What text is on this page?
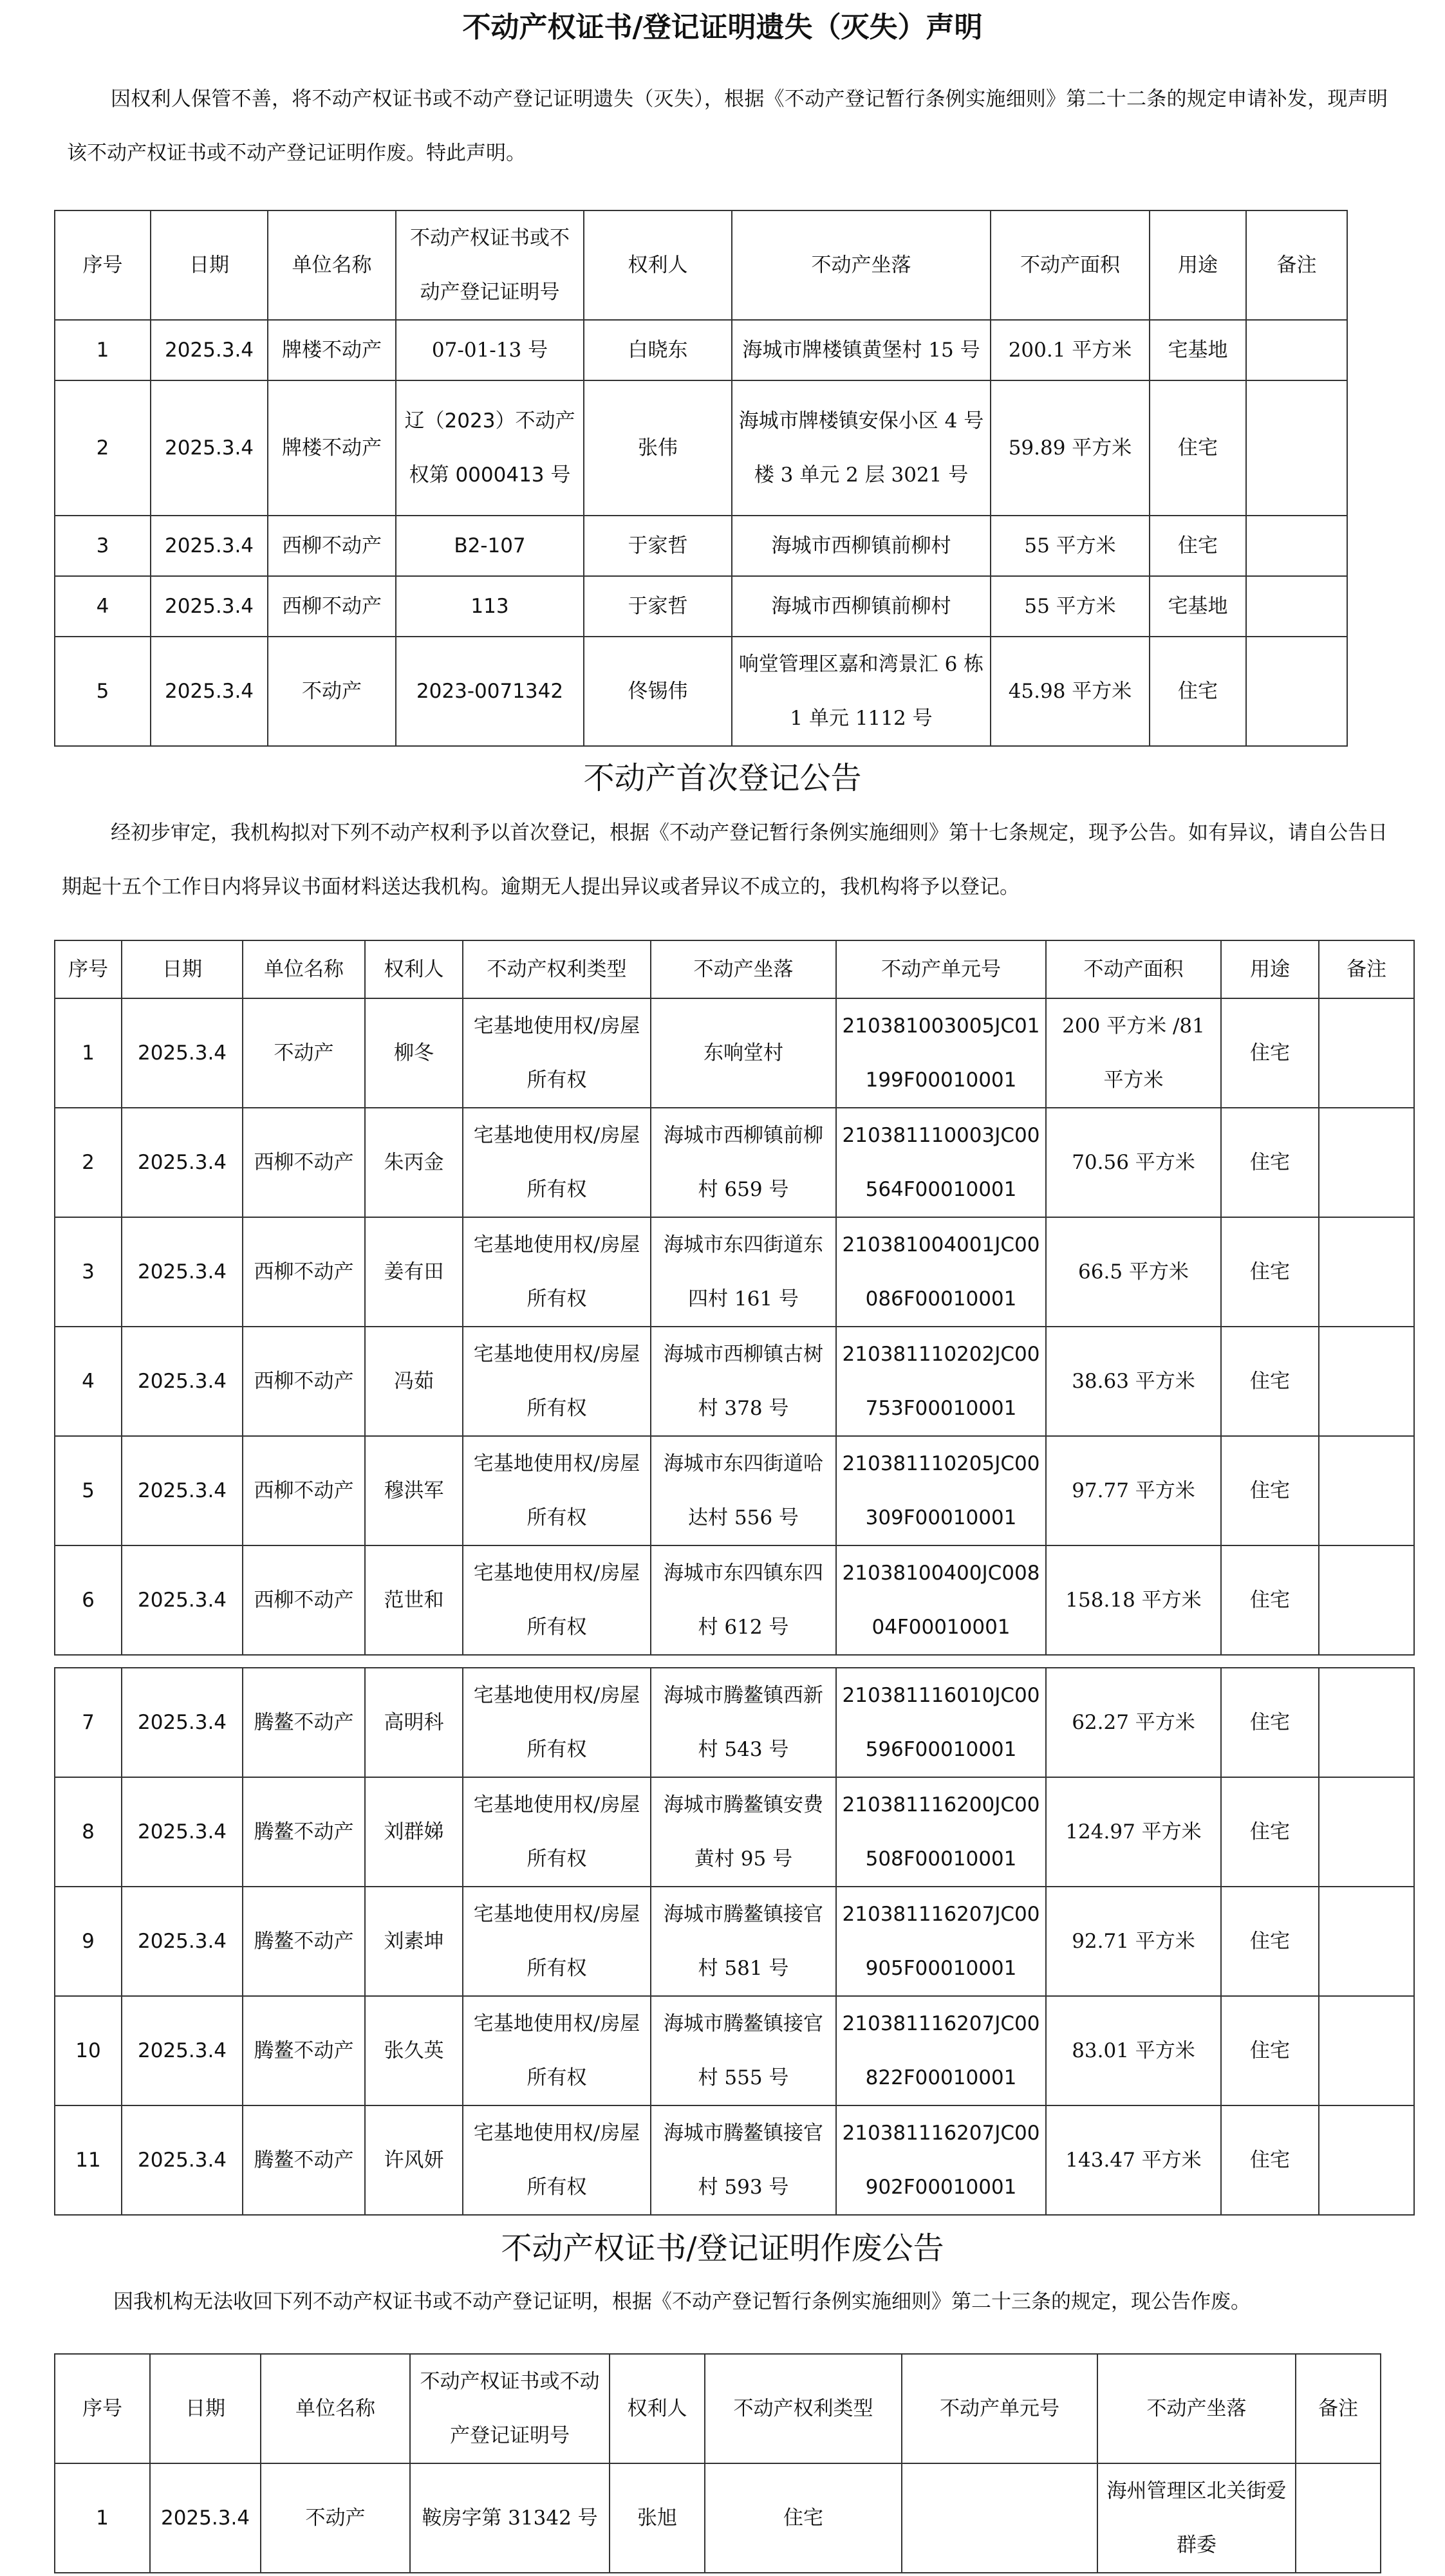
不动产权证书/登记证明遗失（灭失）声明
因权利人保管不善，将不动产权证书或不动产登记证明遗失（灭失），根据《不动产登记暂行条例实施细则》第二十二条的规定申请补发，现声明该不动产权证书或不动产登记证明作废。特此声明。
序号	日期	单位名称	不动产权证书或不动产登记证明号	权利人	不动产坐落	不动产面积	用途	备注
1	2025.3.4	牌楼不动产	07-01-13 号	白晓东	海城市牌楼镇黄堡村 15 号	200.1 平方米	宅基地	
2	2025.3.4	牌楼不动产	辽（2023）不动产权第 0000413 号	张伟	海城市牌楼镇安保小区 4 号楼 3 单元 2 层 3021 号	59.89 平方米	住宅	
3	2025.3.4	西柳不动产	B2-107	于家哲	海城市西柳镇前柳村	55 平方米	住宅	
4	2025.3.4	西柳不动产	113	于家哲	海城市西柳镇前柳村	55 平方米	宅基地	
5	2025.3.4	不动产	2023-0071342	佟锡伟	响堂管理区嘉和湾景汇 6 栋 1 单元 1112 号	45.98 平方米	住宅	
不动产首次登记公告
经初步审定，我机构拟对下列不动产权利予以首次登记，根据《不动产登记暂行条例实施细则》第十七条规定，现予公告。如有异议，请自公告日期起十五个工作日内将异议书面材料送达我机构。逾期无人提出异议或者异议不成立的，我机构将予以登记。
序号	日期	单位名称	权利人	不动产权利类型	不动产坐落	不动产单元号	不动产面积	用途	备注
1	2025.3.4	不动产	柳冬	宅基地使用权/房屋所有权	东响堂村	210381003005JC01199F00010001	200 平方米 /81 平方米	住宅	
2	2025.3.4	西柳不动产	朱丙金	宅基地使用权/房屋所有权	海城市西柳镇前柳村 659 号	210381110003JC00564F00010001	70.56 平方米	住宅	
3	2025.3.4	西柳不动产	姜有田	宅基地使用权/房屋所有权	海城市东四街道东四村 161 号	210381004001JC00086F00010001	66.5 平方米	住宅	
4	2025.3.4	西柳不动产	冯茹	宅基地使用权/房屋所有权	海城市西柳镇古树村 378 号	210381110202JC00753F00010001	38.63 平方米	住宅	
5	2025.3.4	西柳不动产	穆洪军	宅基地使用权/房屋所有权	海城市东四街道哈达村 556 号	210381110205JC00309F00010001	97.77 平方米	住宅	
6	2025.3.4	西柳不动产	范世和	宅基地使用权/房屋所有权	海城市东四镇东四村 612 号	21038100400JC00804F00010001	158.18 平方米	住宅	
7	2025.3.4	腾鳌不动产	高明科	宅基地使用权/房屋所有权	海城市腾鳌镇西新村 543 号	210381116010JC00596F00010001	62.27 平方米	住宅	
8	2025.3.4	腾鳌不动产	刘群娣	宅基地使用权/房屋所有权	海城市腾鳌镇安费黄村 95 号	210381116200JC00508F00010001	124.97 平方米	住宅	
9	2025.3.4	腾鳌不动产	刘素坤	宅基地使用权/房屋所有权	海城市腾鳌镇接官村 581 号	210381116207JC00905F00010001	92.71 平方米	住宅	
10	2025.3.4	腾鳌不动产	张久英	宅基地使用权/房屋所有权	海城市腾鳌镇接官村 555 号	210381116207JC00822F00010001	83.01 平方米	住宅	
11	2025.3.4	腾鳌不动产	许风妍	宅基地使用权/房屋所有权	海城市腾鳌镇接官村 593 号	210381116207JC00902F00010001	143.47 平方米	住宅	
不动产权证书/登记证明作废公告
因我机构无法收回下列不动产权证书或不动产登记证明，根据《不动产登记暂行条例实施细则》第二十三条的规定，现公告作废。
序号	日期	单位名称	不动产权证书或不动产登记证明号	权利人	不动产权利类型	不动产单元号	不动产坐落	备注
1	2025.3.4	不动产	鞍房字第 31342 号	张旭	住宅		海州管理区北关街爱群委	
